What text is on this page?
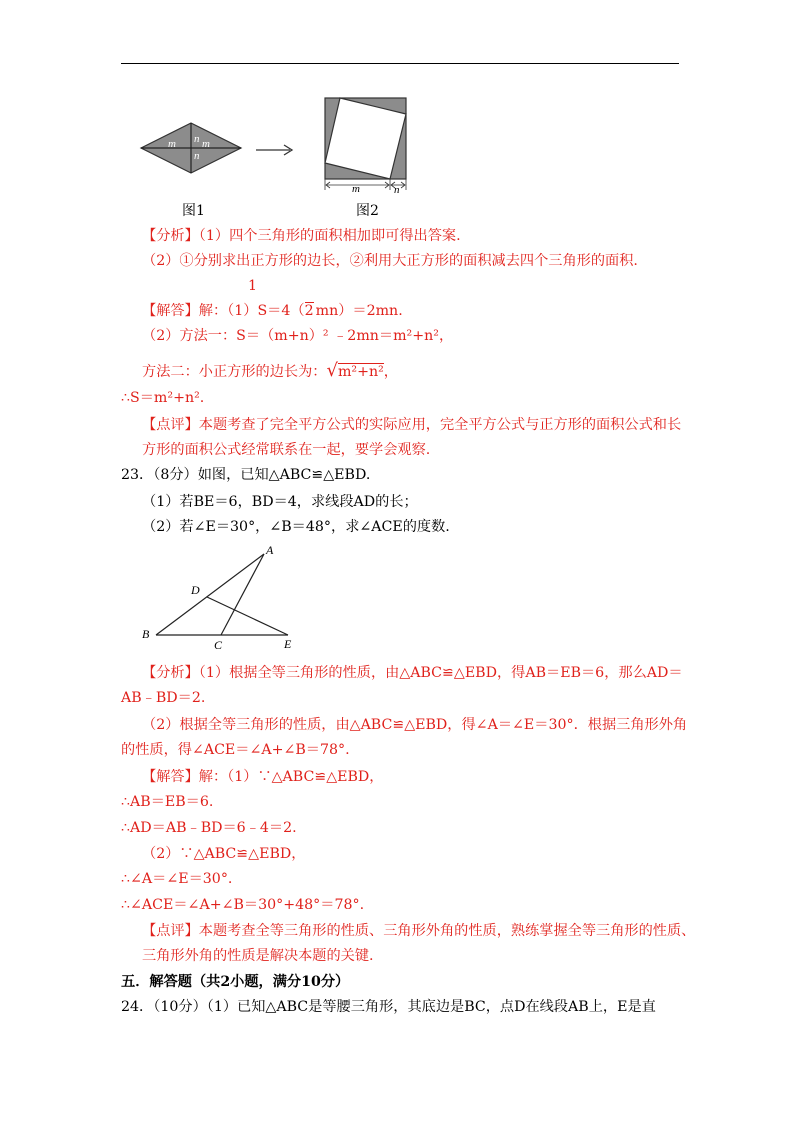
m n m
n
m	n
图1	图2
【分析】（1）四个三角形的面积相加即可得出答案.
（2）①分别求出正方形的边长，②利用大正方形的面积减去四个三角形的面积.
1
【解答】解：（1）S＝4（2 mn）＝2mn.
（2）方法一：S＝（m+n）² ﹣2mn＝m²+n²，
方法二：小正方形的边长为：√m²+n²，
∴S＝m²+n².
【点评】本题考查了完全平方公式的实际应用，完全平方公式与正方形的面积公式和长
方形的面积公式经常联系在一起，要学会观察.
23．（8分）如图，已知△ABC≌△EBD.
（1）若BE＝6，BD＝4，求线段AD的长；
（2）若∠E＝30°，∠B＝48°，求∠ACE的度数.
A
D
B
C	E
【分析】（1）根据全等三角形的性质，由△ABC≌△EBD，得AB＝EB＝6，那么AD＝
AB﹣BD＝2.
（2）根据全等三角形的性质，由△ABC≌△EBD，得∠A＝∠E＝30°．根据三角形外角
的性质，得∠ACE＝∠A+∠B＝78°.
【解答】解：（1）∵△ABC≌△EBD，
∴AB＝EB＝6.
∴AD＝AB﹣BD＝6﹣4＝2.
（2）∵△ABC≌△EBD，
∴∠A＝∠E＝30°.
∴∠ACE＝∠A+∠B＝30°+48°＝78°.
【点评】本题考查全等三角形的性质、三角形外角的性质，熟练掌握全等三角形的性质、
三角形外角的性质是解决本题的关键.
五．解答题（共2小题，满分10分）
24．（10分）（1）已知△ABC是等腰三角形，其底边是BC，点D在线段AB上，E是直
